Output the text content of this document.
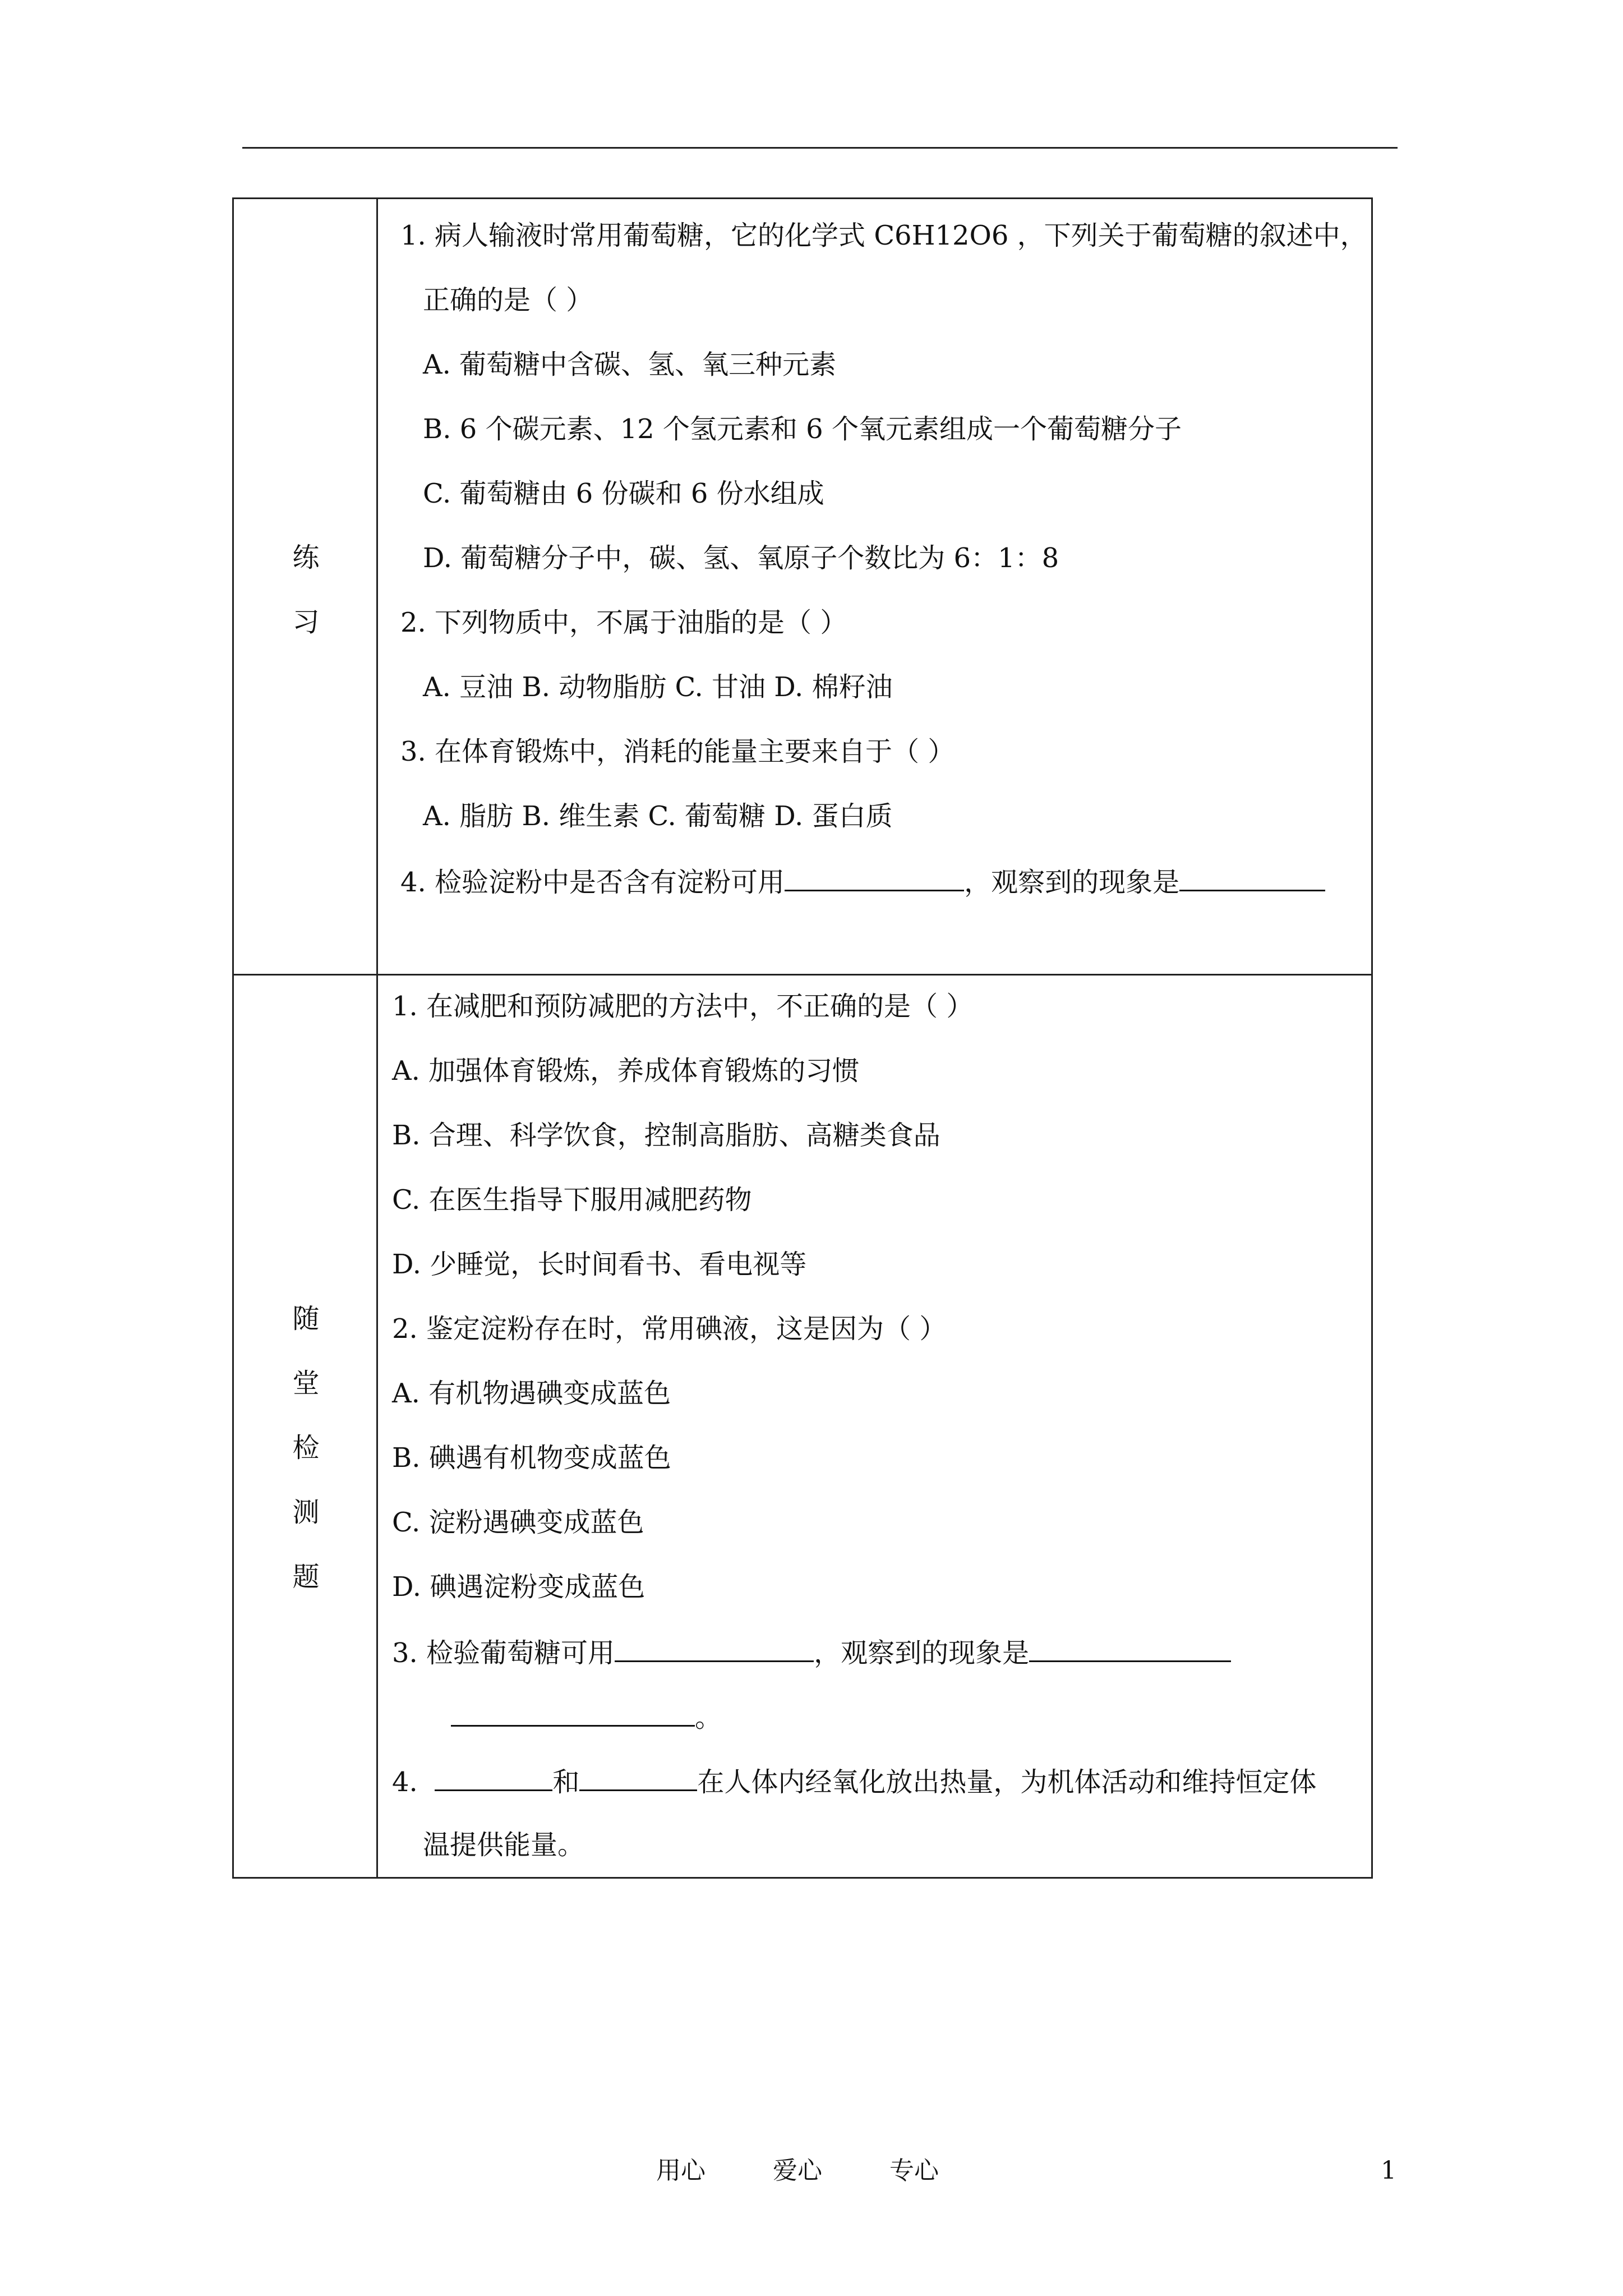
练
习
1. 病人输液时常用葡萄糖，它的化学式 C6H12O6 ，下列关于葡萄糖的叙述中，
正确的是（ ）
A. 葡萄糖中含碳、氢、氧三种元素
B. 6 个碳元素、12 个氢元素和 6 个氧元素组成一个葡萄糖分子
C. 葡萄糖由 6 份碳和 6 份水组成
D. 葡萄糖分子中，碳、氢、氧原子个数比为 6：1：8
2. 下列物质中，不属于油脂的是（ ）
A. 豆油 B. 动物脂肪 C. 甘油 D. 棉籽油
3. 在体育锻炼中，消耗的能量主要来自于（ ）
A. 脂肪 B. 维生素 C. 葡萄糖 D. 蛋白质
4. 检验淀粉中是否含有淀粉可用	，观察到的现象是
随
堂
检
测
题
1. 在减肥和预防减肥的方法中，不正确的是（ ）
A. 加强体育锻炼，养成体育锻炼的习惯
B. 合理、科学饮食，控制高脂肪、高糖类食品
C. 在医生指导下服用减肥药物
D. 少睡觉，长时间看书、看电视等
2. 鉴定淀粉存在时，常用碘液，这是因为（ ）
A. 有机物遇碘变成蓝色
B. 碘遇有机物变成蓝色
C. 淀粉遇碘变成蓝色
D. 碘遇淀粉变成蓝色
3. 检验葡萄糖可用	，观察到的现象是
。
4.	和	在人体内经氧化放出热量，为机体活动和维持恒定体
温提供能量。
用心	爱心	专心	1
